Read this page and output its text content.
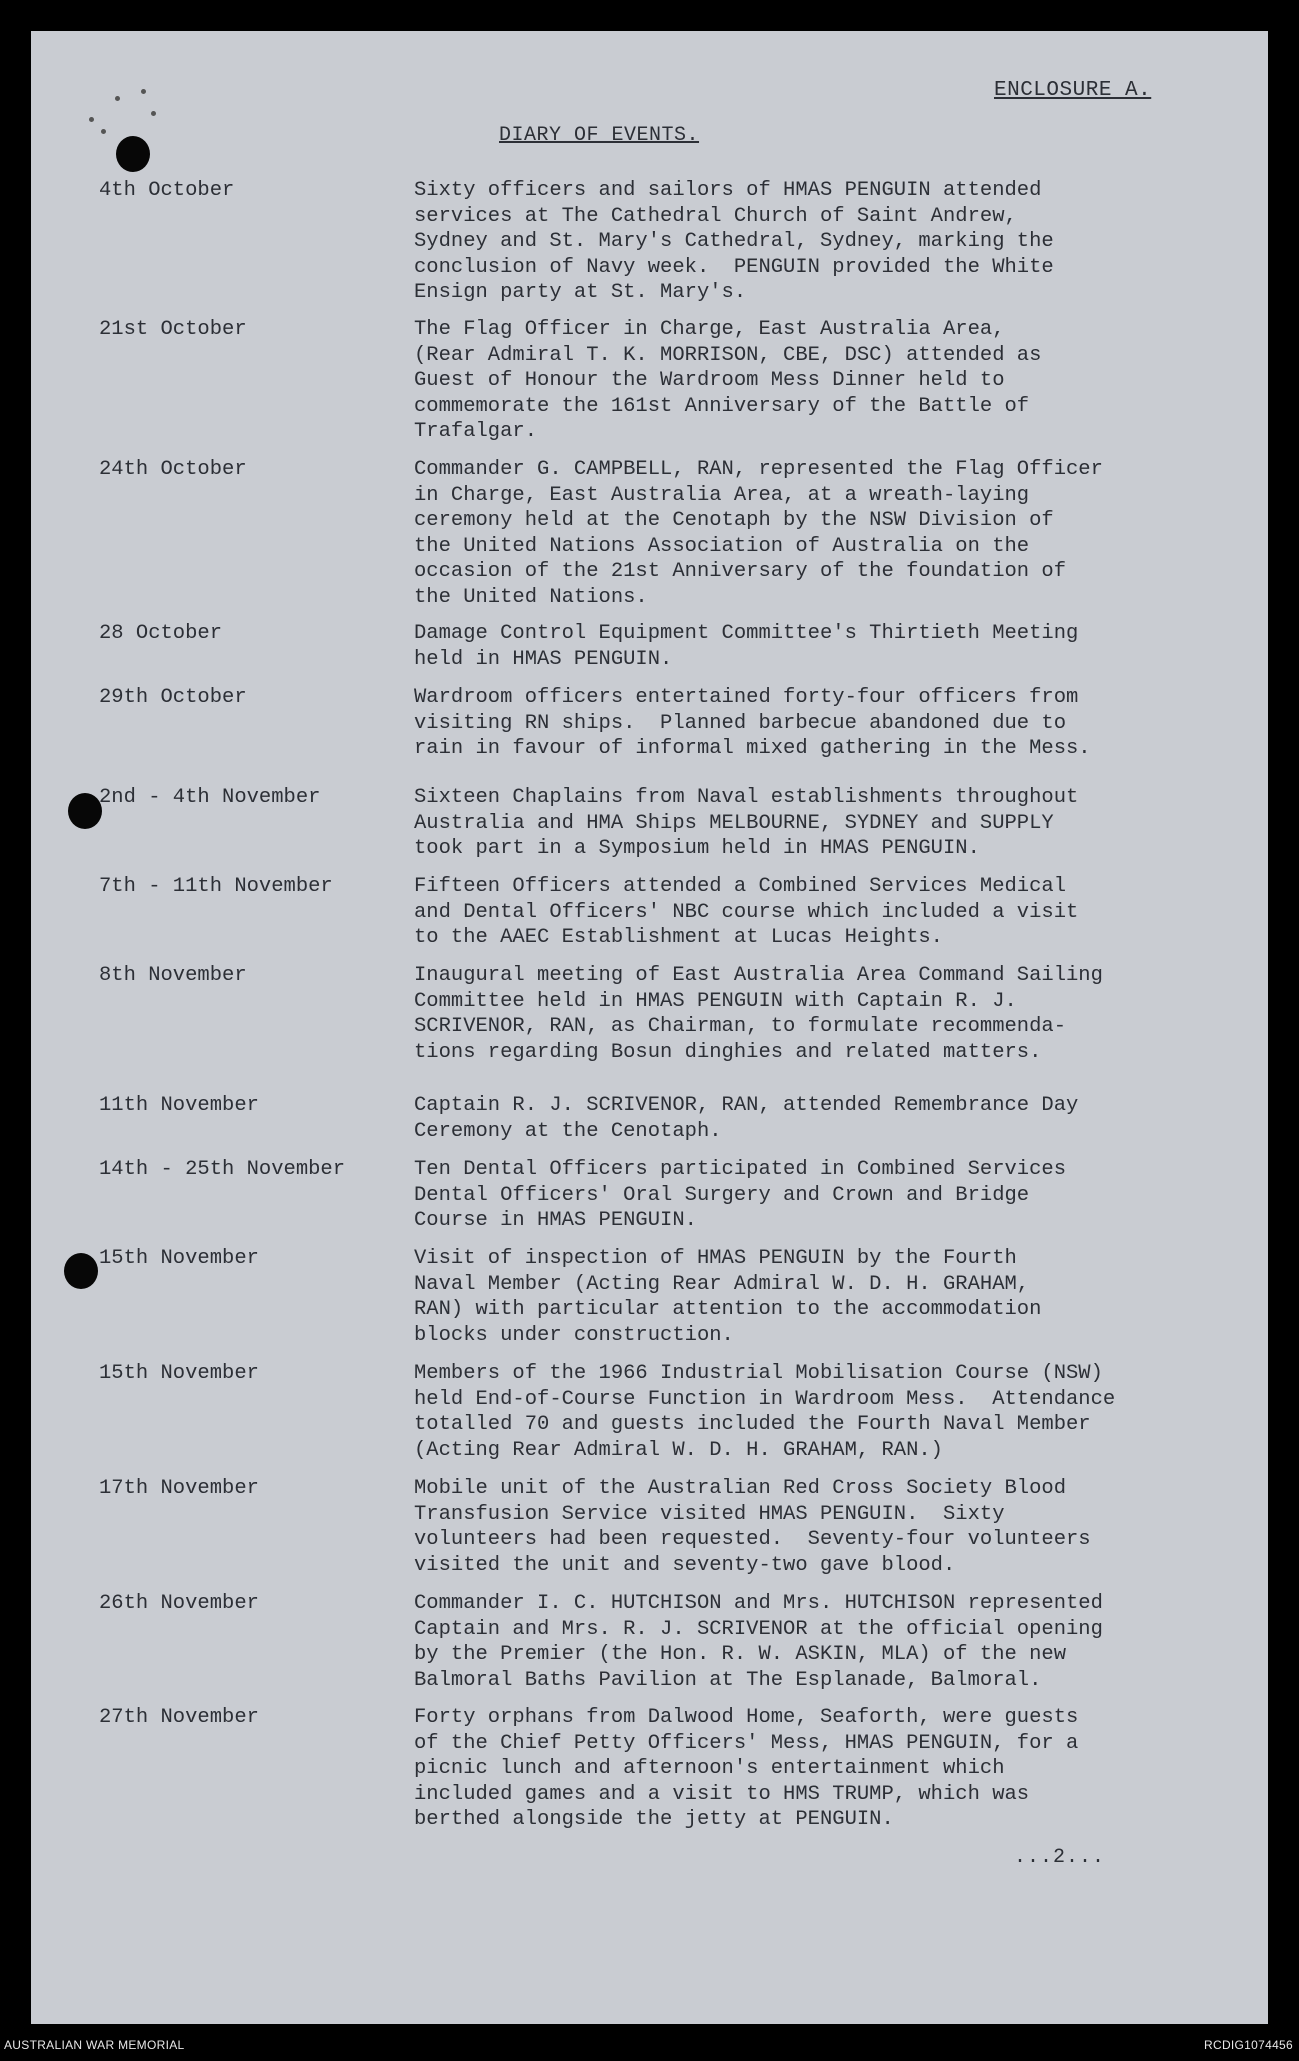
ENCLOSURE A.
DIARY OF EVENTS.
4th October	Sixty officers and sailors of HMAS PENGUIN attended
services at The Cathedral Church of Saint Andrew,
Sydney and St. Mary's Cathedral, Sydney, marking the
conclusion of Navy week.  PENGUIN provided the White
Ensign party at St. Mary's.
21st October	The Flag Officer in Charge, East Australia Area,
(Rear Admiral T. K. MORRISON, CBE, DSC) attended as
Guest of Honour the Wardroom Mess Dinner held to
commemorate the 161st Anniversary of the Battle of
Trafalgar.
24th October	Commander G. CAMPBELL, RAN, represented the Flag Officer
in Charge, East Australia Area, at a wreath-laying
ceremony held at the Cenotaph by the NSW Division of
the United Nations Association of Australia on the
occasion of the 21st Anniversary of the foundation of
the United Nations.
28 October	Damage Control Equipment Committee's Thirtieth Meeting
held in HMAS PENGUIN.
29th October	Wardroom officers entertained forty-four officers from
visiting RN ships.  Planned barbecue abandoned due to
rain in favour of informal mixed gathering in the Mess.
2nd - 4th November	Sixteen Chaplains from Naval establishments throughout
Australia and HMA Ships MELBOURNE, SYDNEY and SUPPLY
took part in a Symposium held in HMAS PENGUIN.
7th - 11th November	Fifteen Officers attended a Combined Services Medical
and Dental Officers' NBC course which included a visit
to the AAEC Establishment at Lucas Heights.
8th November	Inaugural meeting of East Australia Area Command Sailing
Committee held in HMAS PENGUIN with Captain R. J.
SCRIVENOR, RAN, as Chairman, to formulate recommenda-
tions regarding Bosun dinghies and related matters.
11th November	Captain R. J. SCRIVENOR, RAN, attended Remembrance Day
Ceremony at the Cenotaph.
14th - 25th November	Ten Dental Officers participated in Combined Services
Dental Officers' Oral Surgery and Crown and Bridge
Course in HMAS PENGUIN.
15th November	Visit of inspection of HMAS PENGUIN by the Fourth
Naval Member (Acting Rear Admiral W. D. H. GRAHAM,
RAN) with particular attention to the accommodation
blocks under construction.
15th November	Members of the 1966 Industrial Mobilisation Course (NSW)
held End-of-Course Function in Wardroom Mess.  Attendance
totalled 70 and guests included the Fourth Naval Member
(Acting Rear Admiral W. D. H. GRAHAM, RAN.)
17th November	Mobile unit of the Australian Red Cross Society Blood
Transfusion Service visited HMAS PENGUIN.  Sixty
volunteers had been requested.  Seventy-four volunteers
visited the unit and seventy-two gave blood.
26th November	Commander I. C. HUTCHISON and Mrs. HUTCHISON represented
Captain and Mrs. R. J. SCRIVENOR at the official opening
by the Premier (the Hon. R. W. ASKIN, MLA) of the new
Balmoral Baths Pavilion at The Esplanade, Balmoral.
27th November	Forty orphans from Dalwood Home, Seaforth, were guests
of the Chief Petty Officers' Mess, HMAS PENGUIN, for a
picnic lunch and afternoon's entertainment which
included games and a visit to HMS TRUMP, which was
berthed alongside the jetty at PENGUIN.
...2...
AUSTRALIAN WAR MEMORIAL	RCDIG1074456
